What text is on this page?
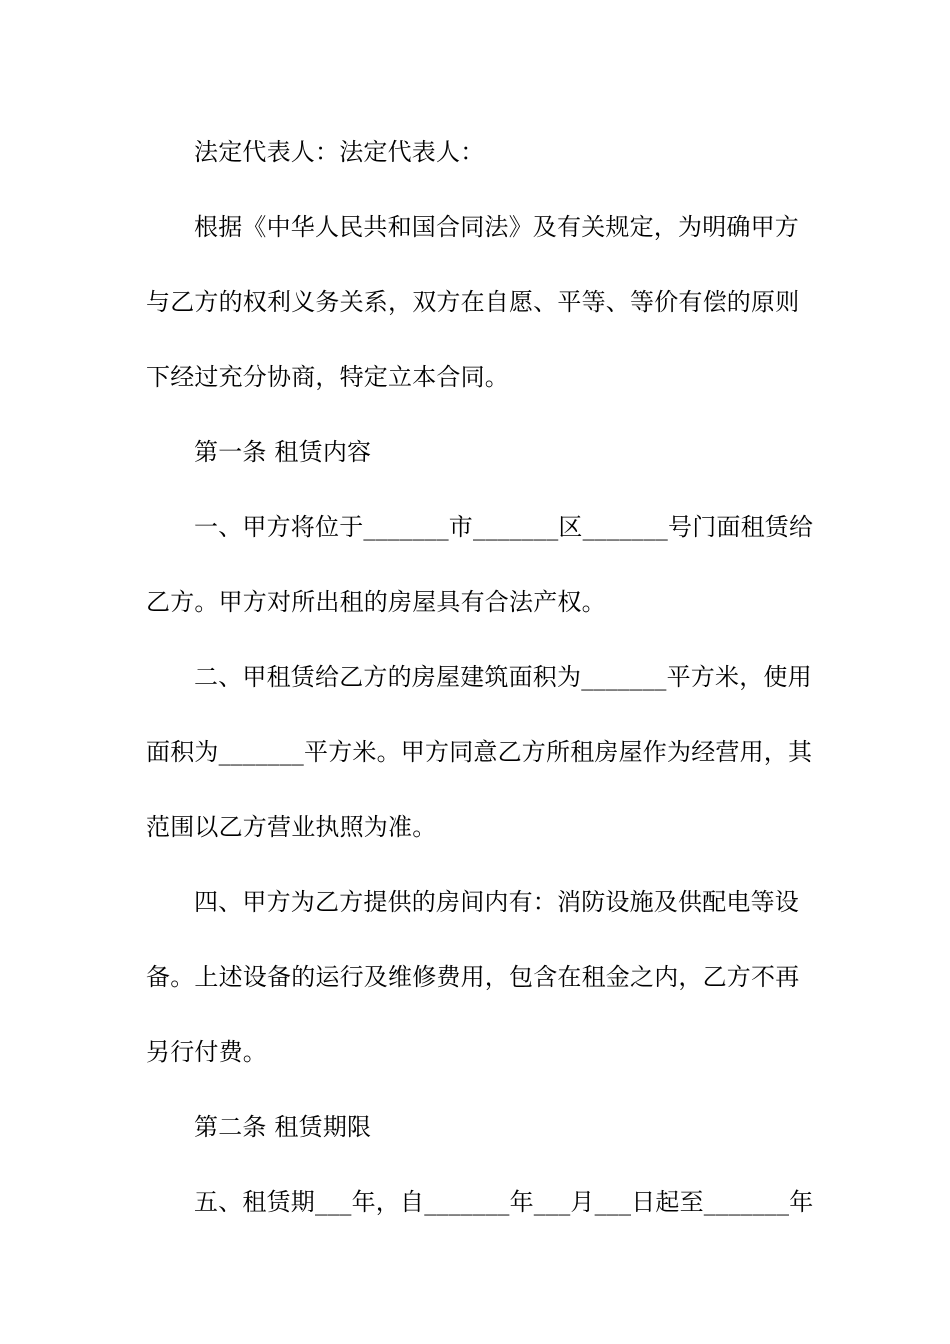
法定代表人：法定代表人：
根据《中华人民共和国合同法》及有关规定，为明确甲方
与乙方的权利义务关系，双方在自愿、平等、等价有偿的原则
下经过充分协商，特定立本合同。
第一条 租赁内容
一、甲方将位于_______市_______区_______号门面租赁给
乙方。甲方对所出租的房屋具有合法产权。
二、甲租赁给乙方的房屋建筑面积为_______平方米，使用
面积为_______平方米。甲方同意乙方所租房屋作为经营用，其
范围以乙方营业执照为准。
四、甲方为乙方提供的房间内有：消防设施及供配电等设
备。上述设备的运行及维修费用，包含在租金之内，乙方不再
另行付费。
第二条 租赁期限
五、租赁期___年，自_______年___月___日起至_______年
